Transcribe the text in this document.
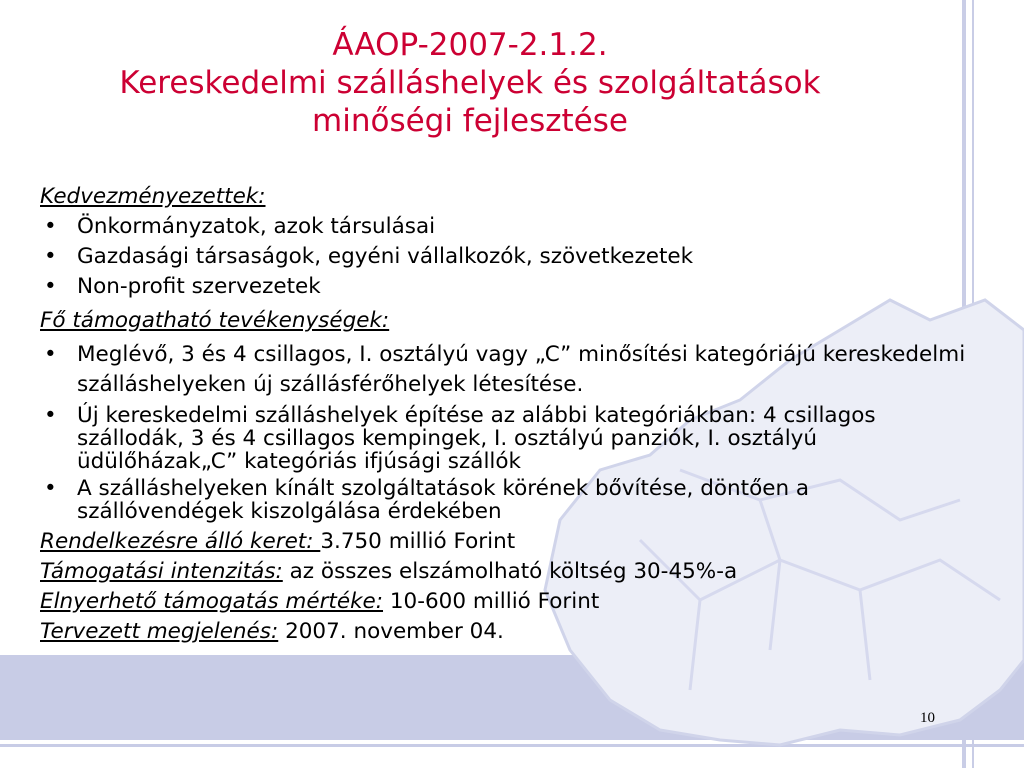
ÁAOP-2007-2.1.2.
Kereskedelmi szálláshelyek és szolgáltatások
minőségi fejlesztése
Kedvezményezettek:
• Önkormányzatok, azok társulásai
• Gazdasági társaságok, egyéni vállalkozók, szövetkezetek
• Non-profit szervezetek
Fő támogatható tevékenységek:
• Meglévő, 3 és 4 csillagos, I. osztályú vagy „C” minősítési kategóriájú kereskedelmi szálláshelyeken új szállásférőhelyek létesítése.
• Új kereskedelmi szálláshelyek építése az alábbi kategóriákban: 4 csillagos szállodák, 3 és 4 csillagos kempingek, I. osztályú panziók, I. osztályú üdülőházak„C” kategóriás ifjúsági szállók
• A szálláshelyeken kínált szolgáltatások körének bővítése, döntően a szállóvendégek kiszolgálása érdekében
Rendelkezésre álló keret: 3.750 millió Forint
Támogatási intenzitás: az összes elszámolható költség 30-45%-a
Elnyerhető támogatás mértéke: 10-600 millió Forint
Tervezett megjelenés: 2007. november 04.
10
